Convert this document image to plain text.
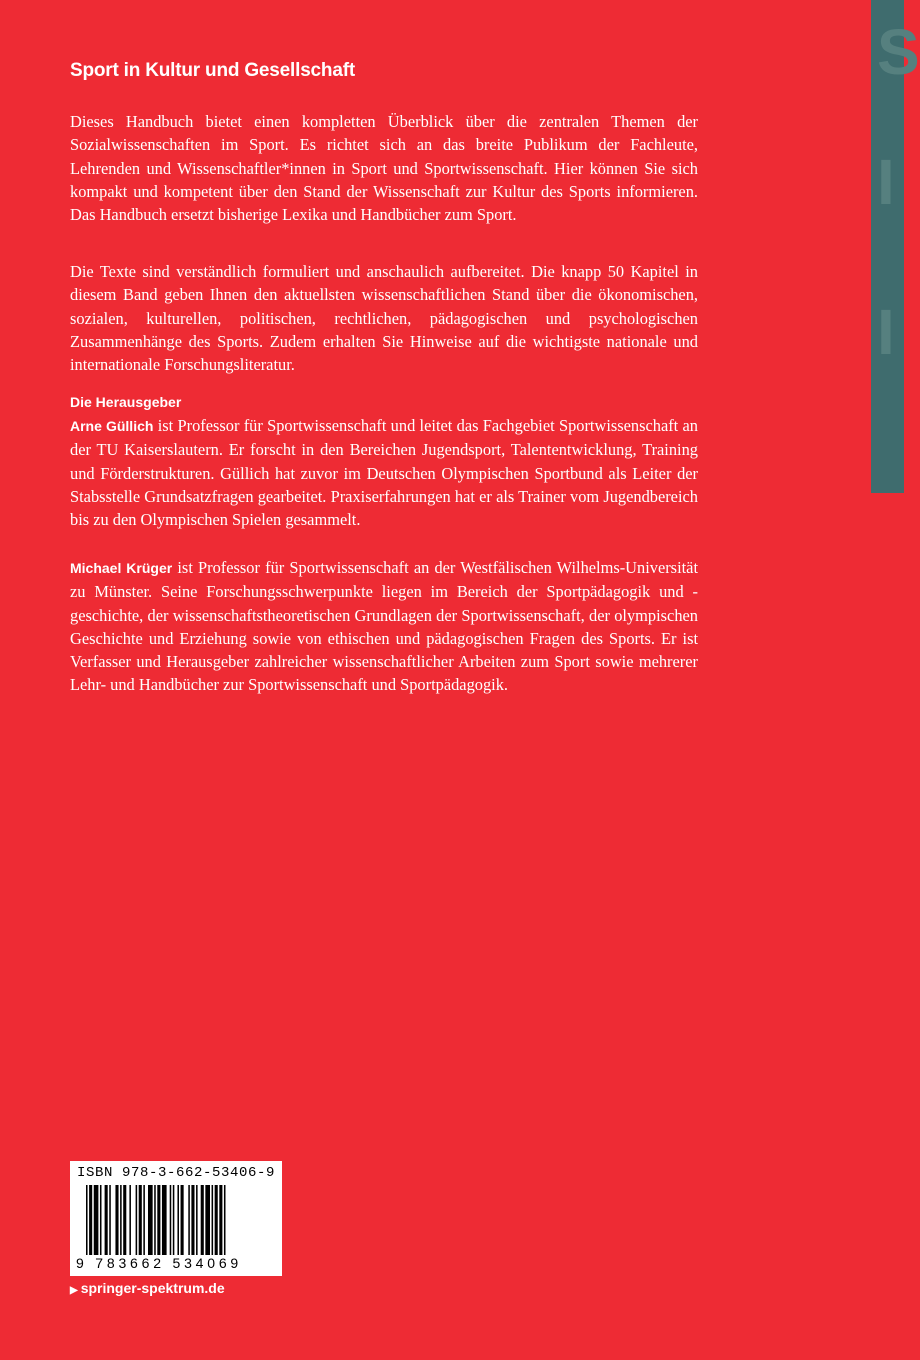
S
I
I
Sport in Kultur und Gesellschaft

Dieses Handbuch bietet einen kompletten Überblick über die zentralen Themen der Sozialwissenschaften im Sport. Es richtet sich an das breite Publikum der Fachleute, Lehrenden und Wissenschaftler*innen in Sport und Sportwissenschaft. Hier können Sie sich kompakt und kompetent über den Stand der Wissenschaft zur Kultur des Sports informieren. Das Handbuch ersetzt bisherige Lexika und Handbücher zum Sport.

Die Texte sind verständlich formuliert und anschaulich aufbereitet. Die knapp 50 Kapitel in diesem Band geben Ihnen den aktuellsten wissenschaftlichen Stand über die ökonomischen, sozialen, kulturellen, politischen, rechtlichen, pädagogischen und psychologischen Zusammenhänge des Sports. Zudem erhalten Sie Hinweise auf die wichtigste nationale und internationale Forschungsliteratur.

Die Herausgeber

Arne Güllich ist Professor für Sportwissenschaft und leitet das Fachgebiet Sportwissenschaft an der TU Kaiserslautern. Er forscht in den Bereichen Jugendsport, Talententwicklung, Training und Förderstrukturen. Güllich hat zuvor im Deutschen Olympischen Sportbund als Leiter der Stabsstelle Grundsatzfragen gearbeitet. Praxiserfahrungen hat er als Trainer vom Jugendbereich bis zu den Olympischen Spielen gesammelt.

Michael Krüger ist Professor für Sportwissenschaft an der Westfälischen Wilhelms-Universität zu Münster. Seine Forschungsschwerpunkte liegen im Bereich der Sportpädagogik und -geschichte, der wissenschaftstheoretischen Grundlagen der Sportwissenschaft, der olympischen Geschichte und Erziehung sowie von ethischen und pädagogischen Fragen des Sports. Er ist Verfasser und Herausgeber zahlreicher wissenschaftlicher Arbeiten zum Sport sowie mehrerer Lehr- und Handbücher zur Sportwissenschaft und Sportpädagogik.

ISBN 978-3-662-53406-9
9 783662 534069
▶ springer-spektrum.de
